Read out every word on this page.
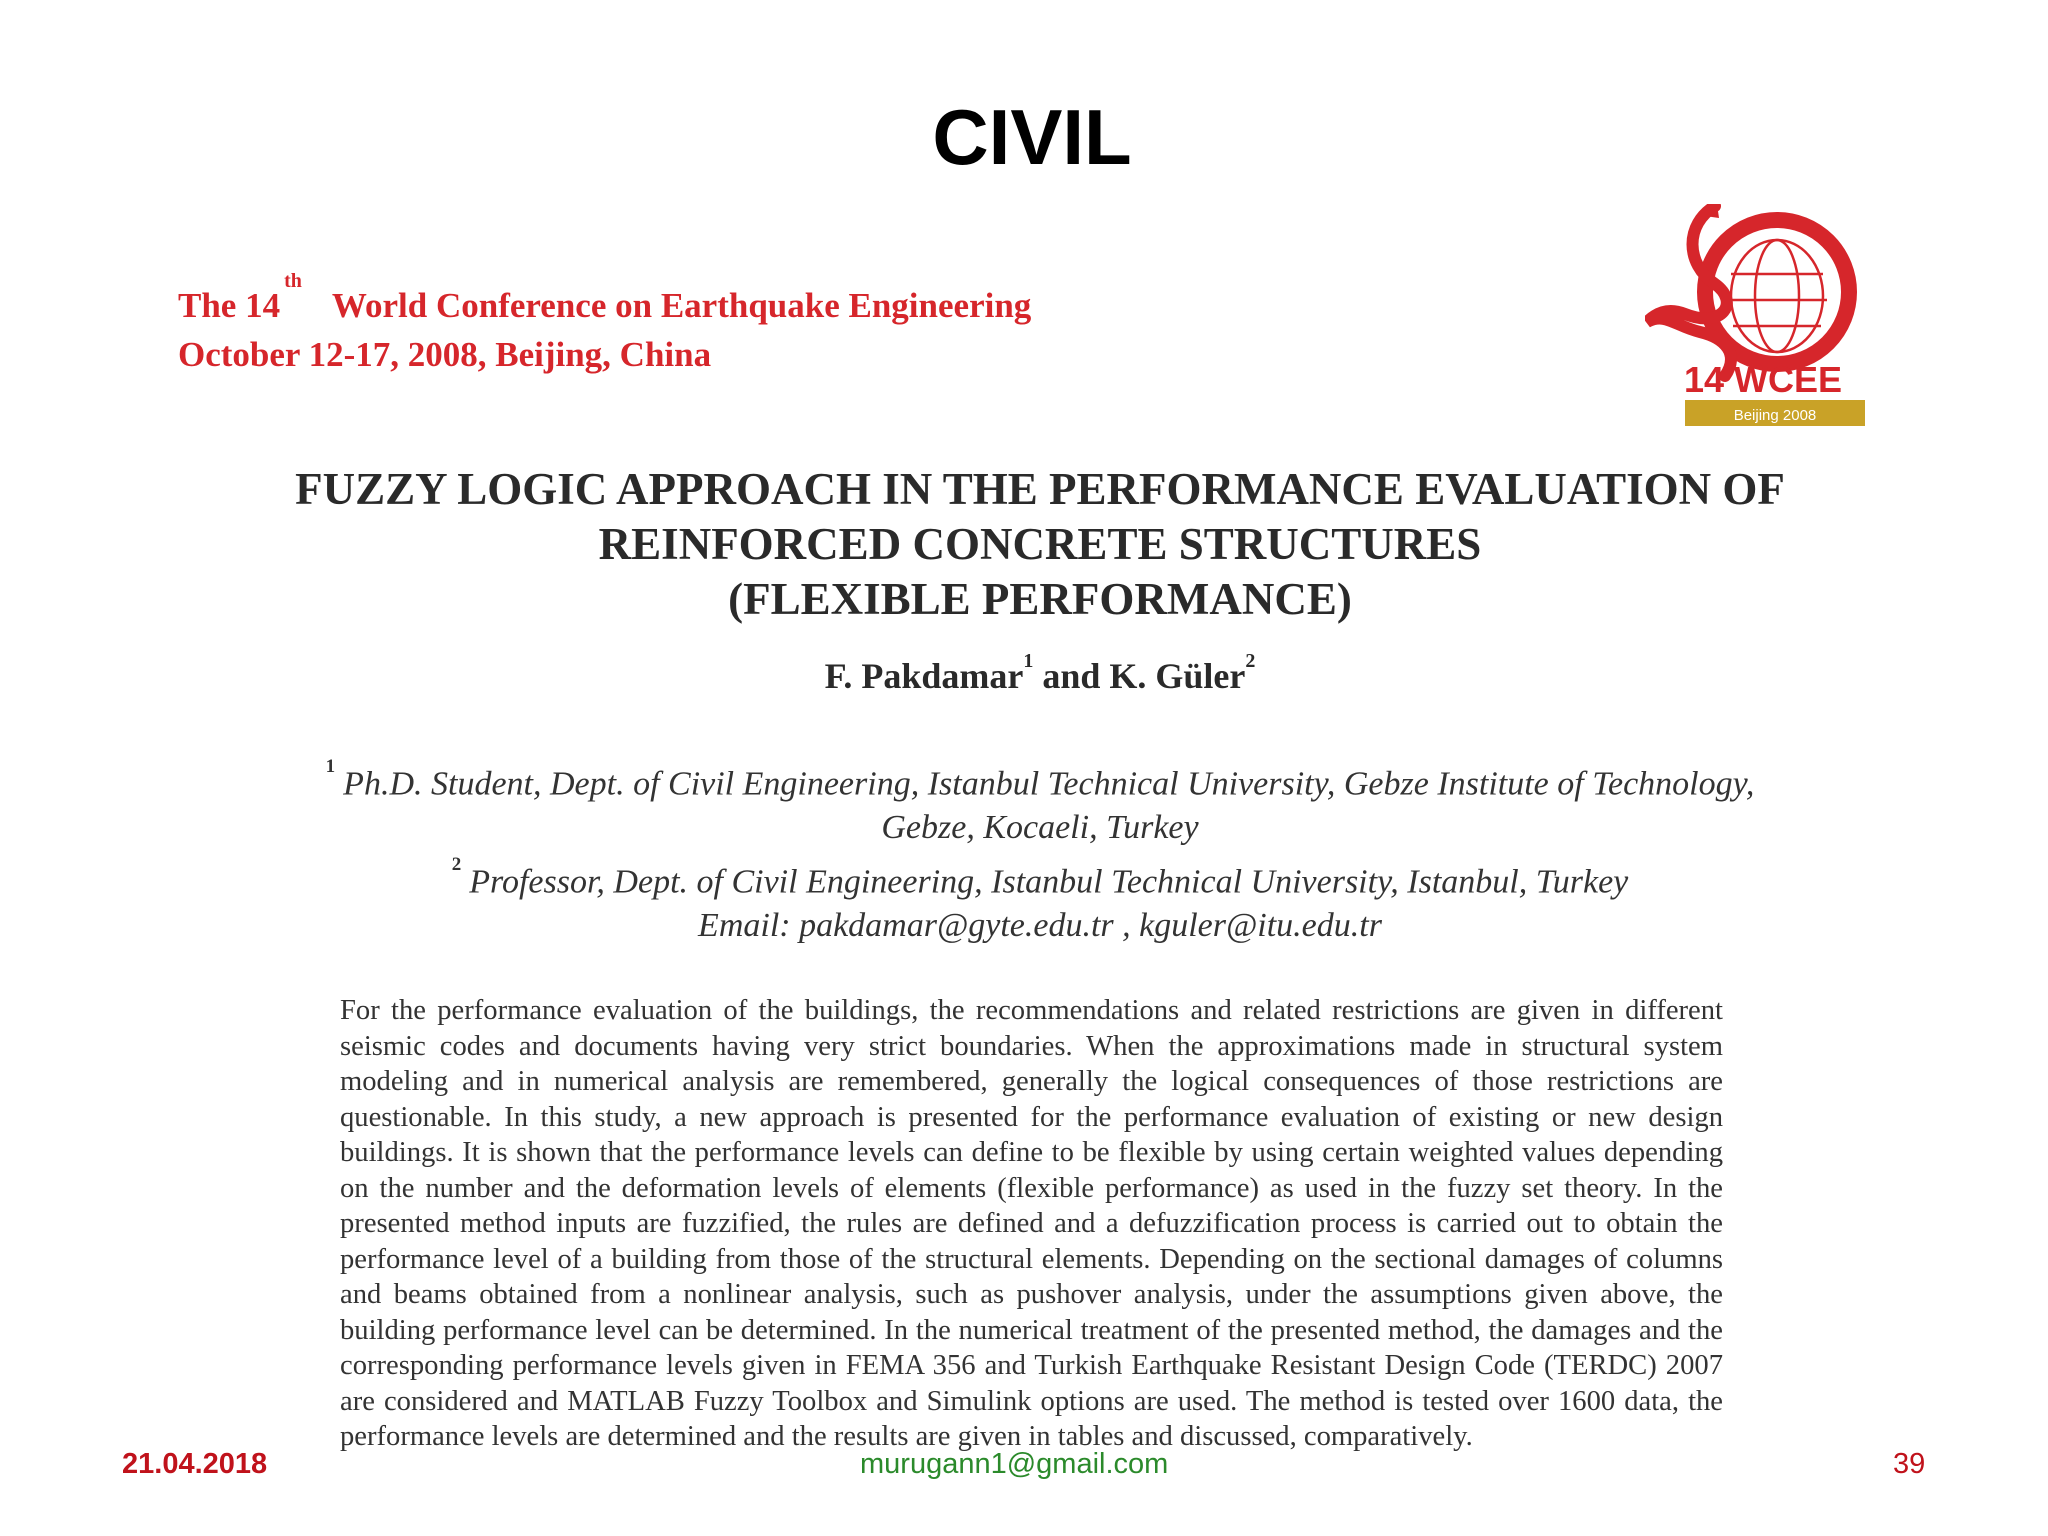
CIVIL
The 14thWorld Conference on Earthquake Engineering
October 12-17, 2008, Beijing, China
14 WCEE
Beijing 2008
FUZZY LOGIC APPROACH IN THE PERFORMANCE EVALUATION OF
REINFORCED CONCRETE STRUCTURES
(FLEXIBLE PERFORMANCE)
F. Pakdamar$^1$ and K. Güler$^2$
$^1$ Ph.D. Student, Dept. of Civil Engineering, Istanbul Technical University, Gebze Institute of Technology,
Gebze, Kocaeli, Turkey
$^2$ Professor, Dept. of Civil Engineering, Istanbul Technical University, Istanbul, Turkey
Email: pakdamar@gyte.edu.tr , kguler@itu.edu.tr

For the performance evaluation of the buildings, the recommendations and related restrictions are given in different seismic codes and documents having very strict boundaries. When the approximations made in structural system modeling and in numerical analysis are remembered, generally the logical consequences of those restrictions are questionable. In this study, a new approach is presented for the performance evaluation of existing or new design buildings. It is shown that the performance levels can define to be flexible by using certain weighted values depending on the number and the deformation levels of elements (flexible performance) as used in the fuzzy set theory. In the presented method inputs are fuzzified, the rules are defined and a defuzzification process is carried out to obtain the performance level of a building from those of the structural elements. Depending on the sectional damages of columns and beams obtained from a nonlinear analysis, such as pushover analysis, under the assumptions given above, the building performance level can be determined. In the numerical treatment of the presented method, the damages and the corresponding performance levels given in FEMA 356 and Turkish Earthquake Resistant Design Code (TERDC) 2007 are considered and MATLAB Fuzzy Toolbox and Simulink options are used. The method is tested over 1600 data, the performance levels are determined and the results are given in tables and discussed, comparatively.

21.04.2018	murugann1@gmail.com	39
